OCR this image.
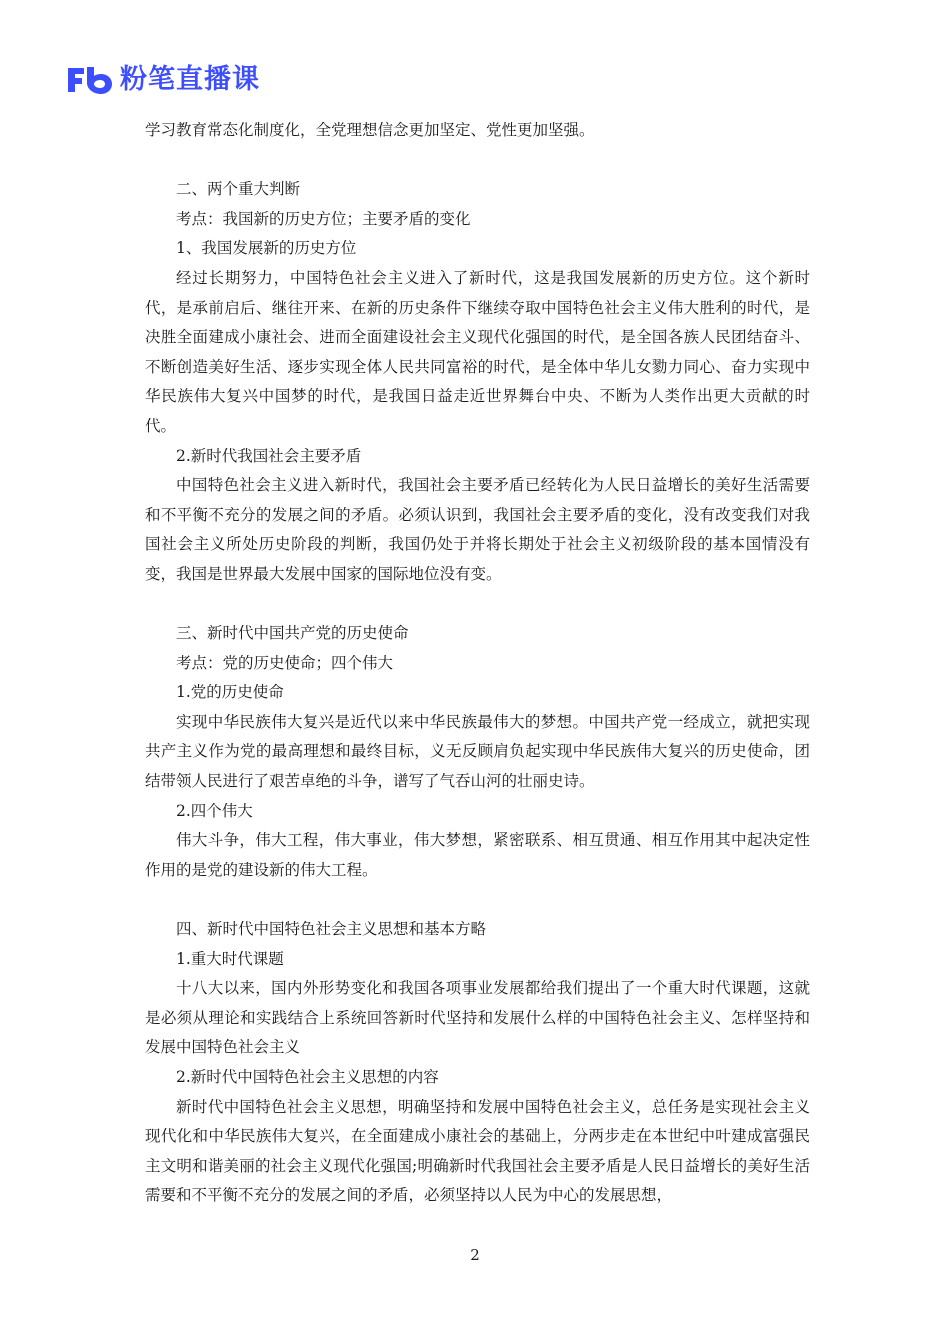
粉笔直播课

学习教育常态化制度化，全党理想信念更加坚定、党性更加坚强。

二、两个重大判断

考点：我国新的历史方位；主要矛盾的变化

1、我国发展新的历史方位

经过长期努力，中国特色社会主义进入了新时代，这是我国发展新的历史方位。这个新时代，是承前启后、继往开来、在新的历史条件下继续夺取中国特色社会主义伟大胜利的时代，是决胜全面建成小康社会、进而全面建设社会主义现代化强国的时代，是全国各族人民团结奋斗、不断创造美好生活、逐步实现全体人民共同富裕的时代，是全体中华儿女勠力同心、奋力实现中华民族伟大复兴中国梦的时代，是我国日益走近世界舞台中央、不断为人类作出更大贡献的时代。

2.新时代我国社会主要矛盾

中国特色社会主义进入新时代，我国社会主要矛盾已经转化为人民日益增长的美好生活需要和不平衡不充分的发展之间的矛盾。必须认识到，我国社会主要矛盾的变化，没有改变我们对我国社会主义所处历史阶段的判断，我国仍处于并将长期处于社会主义初级阶段的基本国情没有变，我国是世界最大发展中国家的国际地位没有变。

三、新时代中国共产党的历史使命

考点：党的历史使命；四个伟大

1.党的历史使命

实现中华民族伟大复兴是近代以来中华民族最伟大的梦想。中国共产党一经成立，就把实现共产主义作为党的最高理想和最终目标，义无反顾肩负起实现中华民族伟大复兴的历史使命，团结带领人民进行了艰苦卓绝的斗争，谱写了气吞山河的壮丽史诗。

2.四个伟大

伟大斗争，伟大工程，伟大事业，伟大梦想，紧密联系、相互贯通、相互作用其中起决定性作用的是党的建设新的伟大工程。

四、新时代中国特色社会主义思想和基本方略

1.重大时代课题

十八大以来，国内外形势变化和我国各项事业发展都给我们提出了一个重大时代课题，这就是必须从理论和实践结合上系统回答新时代坚持和发展什么样的中国特色社会主义、怎样坚持和发展中国特色社会主义

2.新时代中国特色社会主义思想的内容

新时代中国特色社会主义思想，明确坚持和发展中国特色社会主义，总任务是实现社会主义现代化和中华民族伟大复兴，在全面建成小康社会的基础上，分两步走在本世纪中叶建成富强民主文明和谐美丽的社会主义现代化强国;明确新时代我国社会主要矛盾是人民日益增长的美好生活需要和不平衡不充分的发展之间的矛盾，必须坚持以人民为中心的发展思想，

2
